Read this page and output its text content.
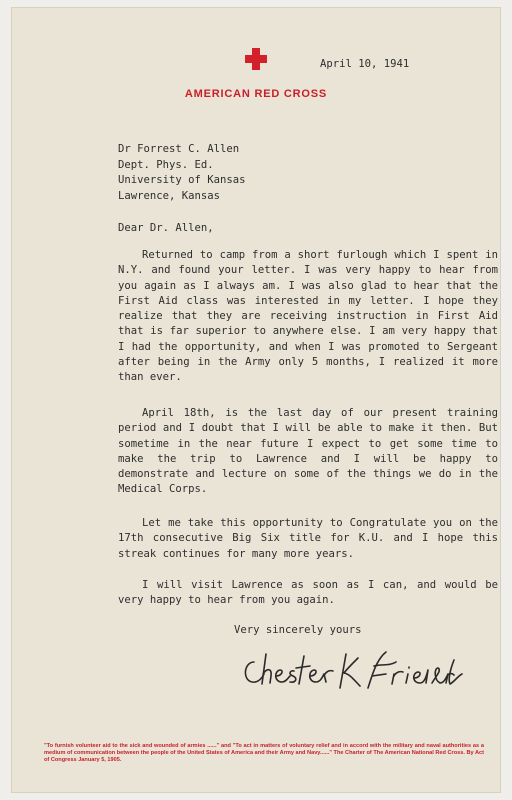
AMERICAN RED CROSS
April 10, 1941
Dr Forrest C. Allen
Dept. Phys. Ed.
University of Kansas
Lawrence, Kansas
Dear Dr. Allen,
Returned to camp from a short furlough which I spent in N.Y. and found your letter. I was very happy to hear from you again as I always am. I was also glad to hear that the First Aid class was interested in my letter. I hope they realize that they are receiving instruction in First Aid that is far superior to anywhere else. I am very happy that I had the opportunity, and when I was promoted to Sergeant after being in the Army only 5 months, I realized it more than ever.
April 18th, is the last day of our present training period and I doubt that I will be able to make it then. But sometime in the near future I expect to get some time to make the trip to Lawrence and I will be happy to demonstrate and lecture on some of the things we do in the Medical Corps.
Let me take this opportunity to Congratulate you on the 17th consecutive Big Six title for K.U. and I hope this streak continues for many more years.
I will visit Lawrence as soon as I can, and would be very happy to hear from you again.
Very sincerely yours
"To furnish volunteer aid to the sick and wounded of armies ......" and "To act in matters of voluntary relief and in accord with the military and naval authorities as a medium of communication between the people of the United States of America and their Army and Navy......" The Charter of The American National Red Cross. By Act of Congress January 5, 1905.
